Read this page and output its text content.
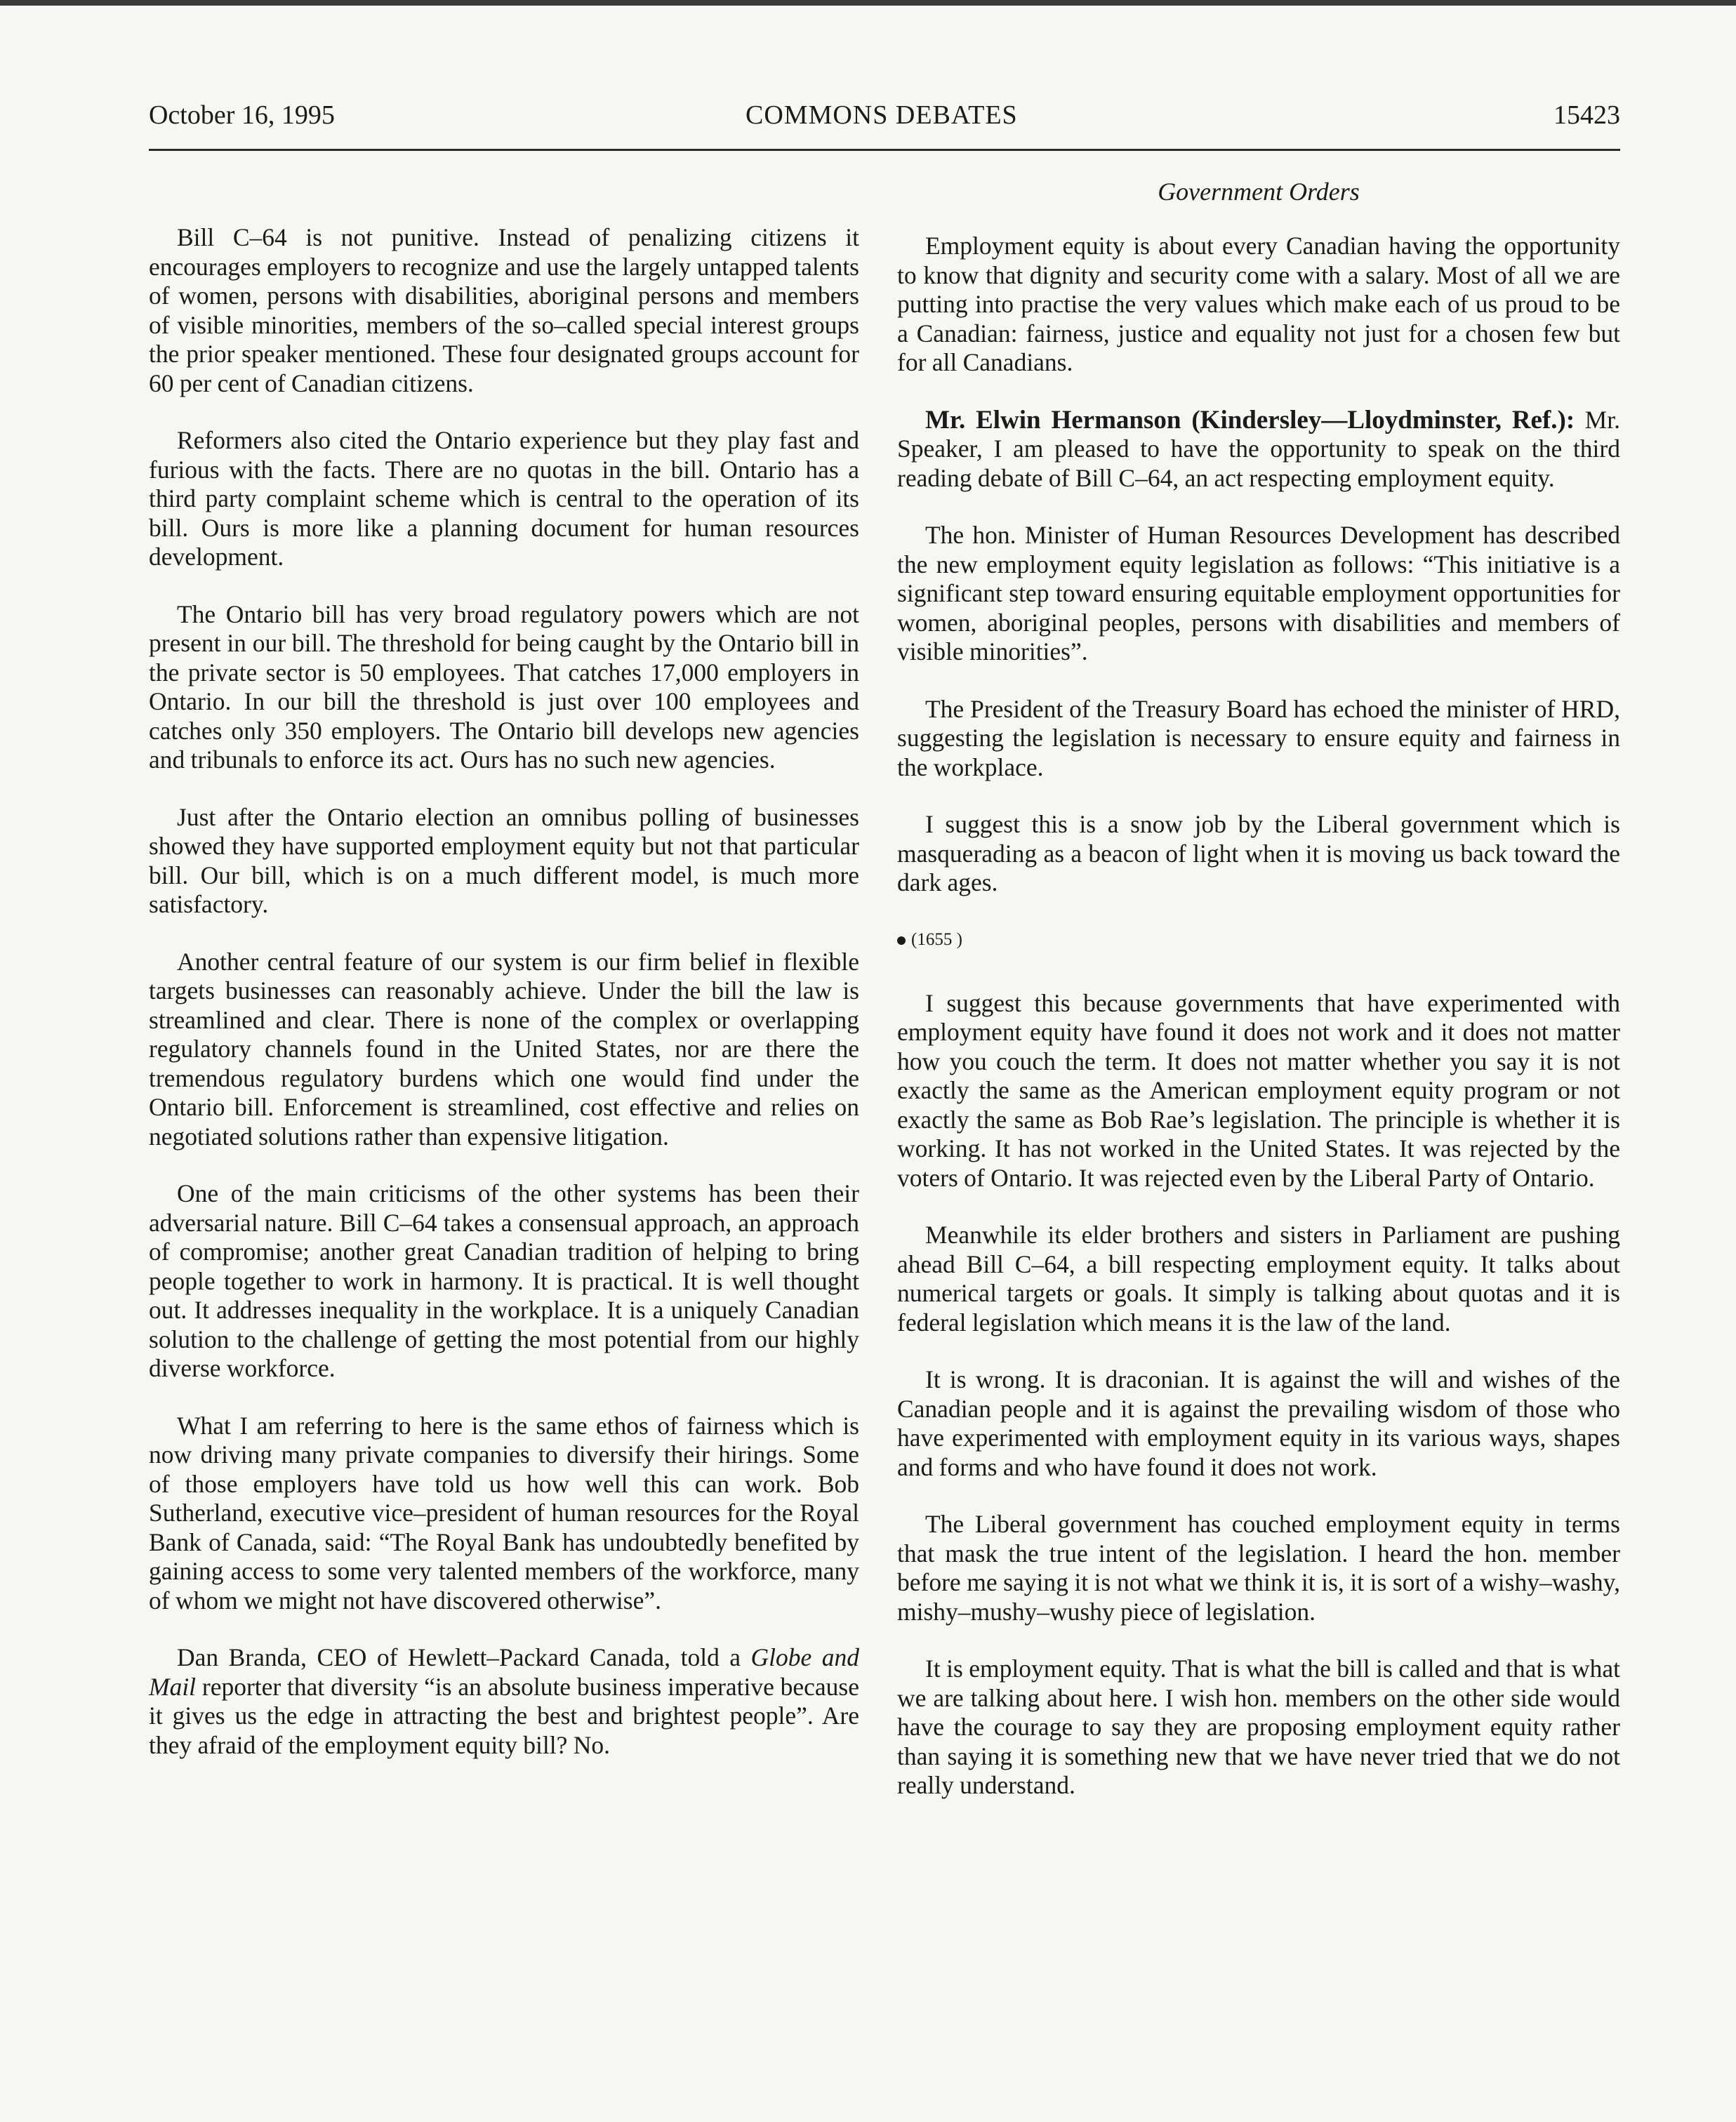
October 16, 1995	COMMONS DEBATES	15423
Government Orders

Bill C–64 is not punitive. Instead of penalizing citizens it encourages employers to recognize and use the largely untapped talents of women, persons with disabilities, aboriginal persons and members of visible minorities, members of the so–called special interest groups the prior speaker mentioned. These four designated groups account for 60 per cent of Canadian citizens.

Reformers also cited the Ontario experience but they play fast and furious with the facts. There are no quotas in the bill. Ontario has a third party complaint scheme which is central to the operation of its bill. Ours is more like a planning document for human resources development.

The Ontario bill has very broad regulatory powers which are not present in our bill. The threshold for being caught by the Ontario bill in the private sector is 50 employees. That catches 17,000 employers in Ontario. In our bill the threshold is just over 100 employees and catches only 350 employers. The Ontario bill develops new agencies and tribunals to enforce its act. Ours has no such new agencies.

Just after the Ontario election an omnibus polling of businesses showed they have supported employment equity but not that particular bill. Our bill, which is on a much different model, is much more satisfactory.

Another central feature of our system is our firm belief in flexible targets businesses can reasonably achieve. Under the bill the law is streamlined and clear. There is none of the complex or overlapping regulatory channels found in the United States, nor are there the tremendous regulatory burdens which one would find under the Ontario bill. Enforcement is streamlined, cost effective and relies on negotiated solutions rather than expensive litigation.

One of the main criticisms of the other systems has been their adversarial nature. Bill C–64 takes a consensual approach, an approach of compromise; another great Canadian tradition of helping to bring people together to work in harmony. It is practical. It is well thought out. It addresses inequality in the workplace. It is a uniquely Canadian solution to the challenge of getting the most potential from our highly diverse workforce.

What I am referring to here is the same ethos of fairness which is now driving many private companies to diversify their hirings. Some of those employers have told us how well this can work. Bob Sutherland, executive vice–president of human resources for the Royal Bank of Canada, said: “The Royal Bank has undoubtedly benefited by gaining access to some very talented members of the workforce, many of whom we might not have discovered otherwise”.

Dan Branda, CEO of Hewlett–Packard Canada, told a Globe and Mail reporter that diversity “is an absolute business imperative because it gives us the edge in attracting the best and brightest people”. Are they afraid of the employment equity bill? No.

Employment equity is about every Canadian having the opportunity to know that dignity and security come with a salary. Most of all we are putting into practise the very values which make each of us proud to be a Canadian: fairness, justice and equality not just for a chosen few but for all Canadians.

Mr. Elwin Hermanson (Kindersley—Lloydminster, Ref.): Mr. Speaker, I am pleased to have the opportunity to speak on the third reading debate of Bill C–64, an act respecting employment equity.

The hon. Minister of Human Resources Development has described the new employment equity legislation as follows: “This initiative is a significant step toward ensuring equitable employment opportunities for women, aboriginal peoples, persons with disabilities and members of visible minorities”.

The President of the Treasury Board has echoed the minister of HRD, suggesting the legislation is necessary to ensure equity and fairness in the workplace.

I suggest this is a snow job by the Liberal government which is masquerading as a beacon of light when it is moving us back toward the dark ages.

(1655 )

I suggest this because governments that have experimented with employment equity have found it does not work and it does not matter how you couch the term. It does not matter whether you say it is not exactly the same as the American employment equity program or not exactly the same as Bob Rae’s legislation. The principle is whether it is working. It has not worked in the United States. It was rejected by the voters of Ontario. It was rejected even by the Liberal Party of Ontario.

Meanwhile its elder brothers and sisters in Parliament are pushing ahead Bill C–64, a bill respecting employment equity. It talks about numerical targets or goals. It simply is talking about quotas and it is federal legislation which means it is the law of the land.

It is wrong. It is draconian. It is against the will and wishes of the Canadian people and it is against the prevailing wisdom of those who have experimented with employment equity in its various ways, shapes and forms and who have found it does not work.

The Liberal government has couched employment equity in terms that mask the true intent of the legislation. I heard the hon. member before me saying it is not what we think it is, it is sort of a wishy–washy, mishy–mushy–wushy piece of legislation.

It is employment equity. That is what the bill is called and that is what we are talking about here. I wish hon. members on the other side would have the courage to say they are proposing employment equity rather than saying it is something new that we have never tried that we do not really understand.
